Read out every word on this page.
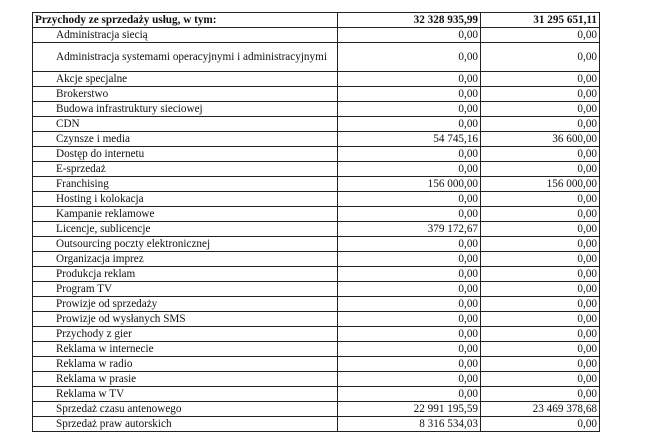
Przychody ze sprzedaży usług, w tym:	32 328 935,99	31 295 651,11
Administracja siecią	0,00	0,00
Administracja systemami operacyjnymi i administracyjnymi	0,00	0,00
Akcje specjalne	0,00	0,00
Brokerstwo	0,00	0,00
Budowa infrastruktury sieciowej	0,00	0,00
CDN	0,00	0,00
Czynsze i media	54 745,16	36 600,00
Dostęp do internetu	0,00	0,00
E-sprzedaż	0,00	0,00
Franchising	156 000,00	156 000,00
Hosting i kolokacja	0,00	0,00
Kampanie reklamowe	0,00	0,00
Licencje, sublicencje	379 172,67	0,00
Outsourcing poczty elektronicznej	0,00	0,00
Organizacja imprez	0,00	0,00
Produkcja reklam	0,00	0,00
Program TV	0,00	0,00
Prowizje od sprzedaży	0,00	0,00
Prowizje od wysłanych SMS	0,00	0,00
Przychody z gier	0,00	0,00
Reklama w internecie	0,00	0,00
Reklama w radio	0,00	0,00
Reklama w prasie	0,00	0,00
Reklama w TV	0,00	0,00
Sprzedaż czasu antenowego	22 991 195,59	23 469 378,68
Sprzedaż praw autorskich	8 316 534,03	0,00
